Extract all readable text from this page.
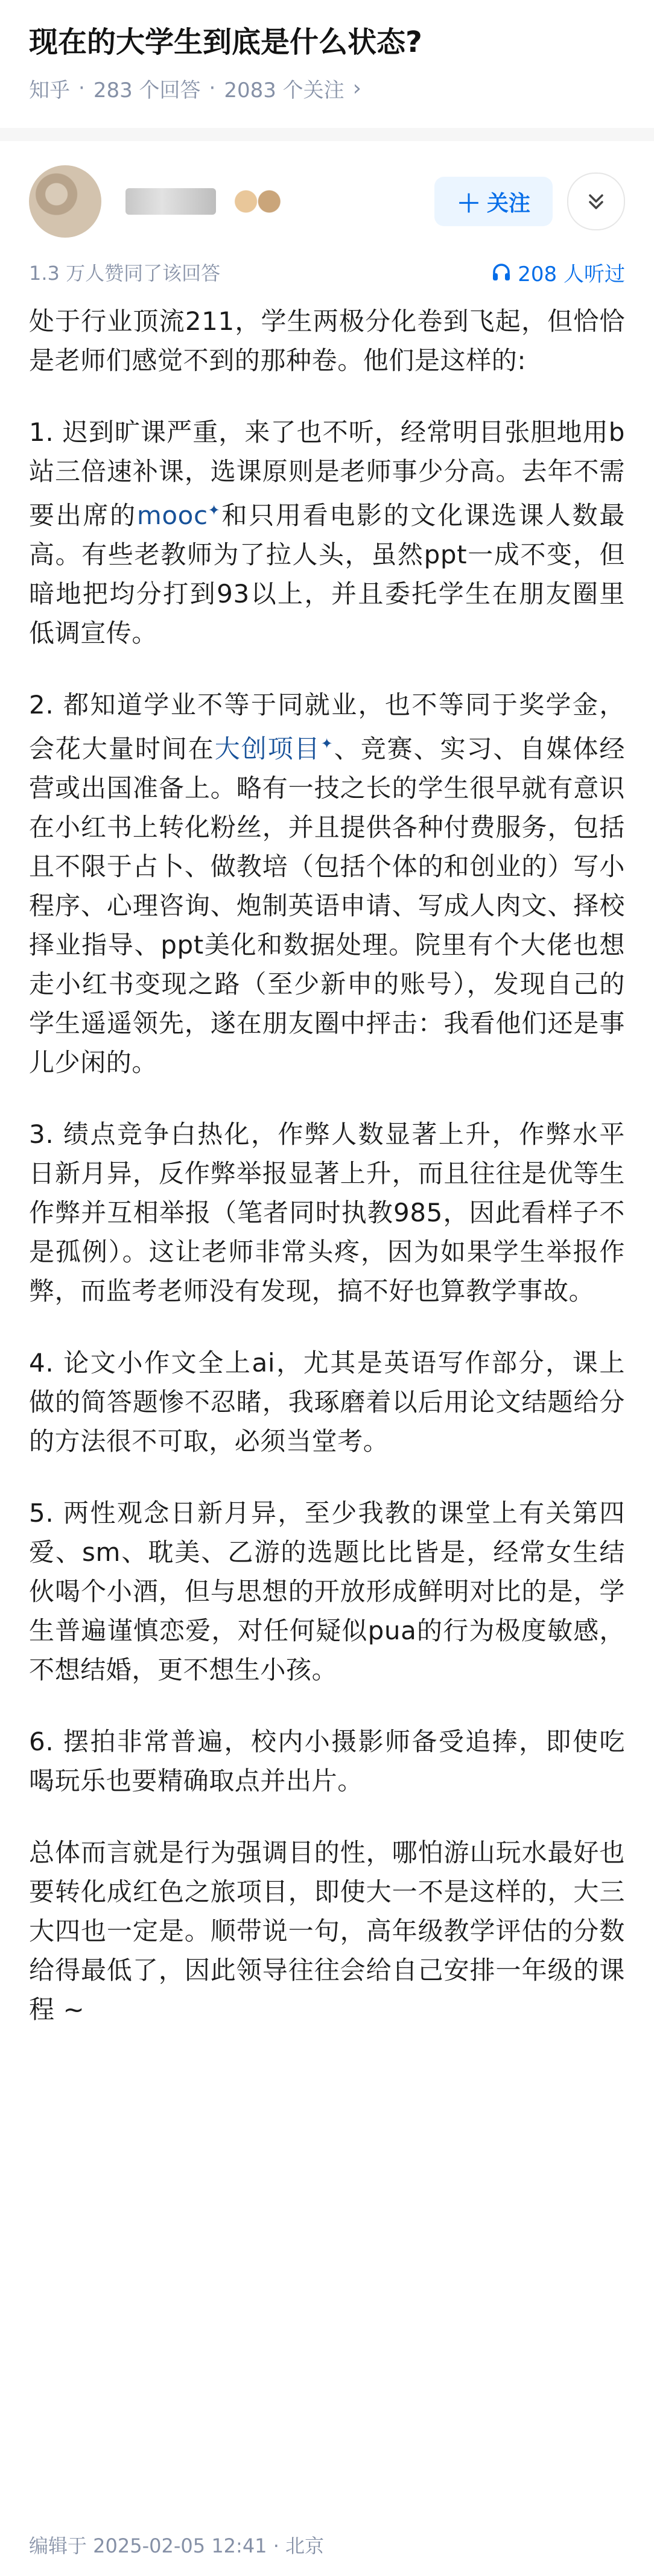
现在的大学生到底是什么状态?
知乎 · 283 个回答 · 2083 个关注 ›
＋ 关注
1.3 万人赞同了该回答	208 人听过

处于行业顶流211，学生两极分化卷到飞起，但恰恰是老师们感觉不到的那种卷。他们是这样的:

1. 迟到旷课严重，来了也不听，经常明目张胆地用b站三倍速补课，选课原则是老师事少分高。去年不需要出席的mooc✦和只用看电影的文化课选课人数最高。有些老教师为了拉人头，虽然ppt一成不变，但暗地把均分打到93以上，并且委托学生在朋友圈里低调宣传。

2. 都知道学业不等于同就业，也不等同于奖学金，会花大量时间在大创项目✦、竞赛、实习、自媒体经营或出国准备上。略有一技之长的学生很早就有意识在小红书上转化粉丝，并且提供各种付费服务，包括且不限于占卜、做教培（包括个体的和创业的）写小程序、心理咨询、炮制英语申请、写成人肉文、择校择业指导、ppt美化和数据处理。院里有个大佬也想走小红书变现之路（至少新申的账号），发现自己的学生遥遥领先，遂在朋友圈中抨击：我看他们还是事儿少闲的。

3. 绩点竞争白热化，作弊人数显著上升，作弊水平日新月异，反作弊举报显著上升，而且往往是优等生作弊并互相举报（笔者同时执教985，因此看样子不是孤例）。这让老师非常头疼，因为如果学生举报作弊，而监考老师没有发现，搞不好也算教学事故。

4. 论文小作文全上ai，尤其是英语写作部分，课上做的简答题惨不忍睹，我琢磨着以后用论文结题给分的方法很不可取，必须当堂考。

5. 两性观念日新月异，至少我教的课堂上有关第四爱、sm、耽美、乙游的选题比比皆是，经常女生结伙喝个小酒，但与思想的开放形成鲜明对比的是，学生普遍谨慎恋爱，对任何疑似pua的行为极度敏感，不想结婚，更不想生小孩。

6. 摆拍非常普遍，校内小摄影师备受追捧，即使吃喝玩乐也要精确取点并出片。

总体而言就是行为强调目的性，哪怕游山玩水最好也要转化成红色之旅项目，即使大一不是这样的，大三大四也一定是。顺带说一句，高年级教学评估的分数给得最低了，因此领导往往会给自己安排一年级的课程 ~

编辑于 2025-02-05 12:41 · 北京
